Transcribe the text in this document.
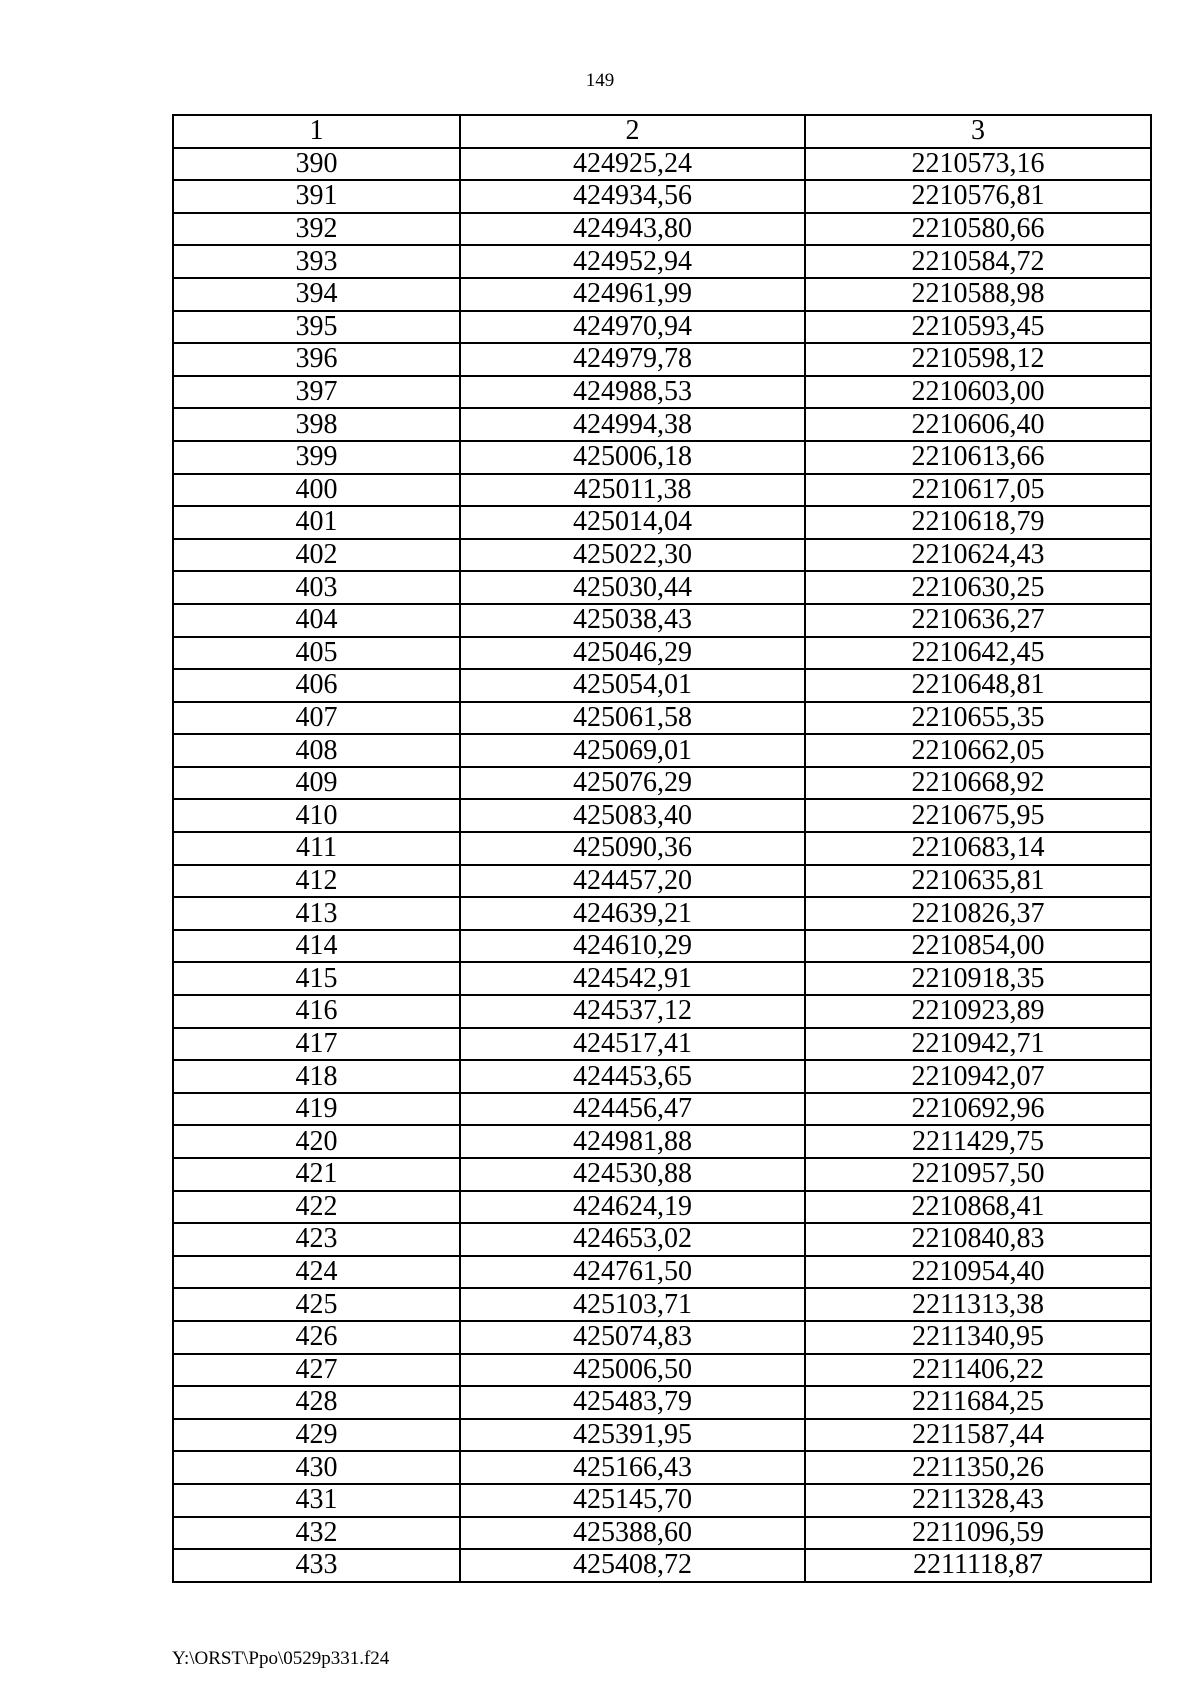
149
1	2	3
390	424925,24	2210573,16
391	424934,56	2210576,81
392	424943,80	2210580,66
393	424952,94	2210584,72
394	424961,99	2210588,98
395	424970,94	2210593,45
396	424979,78	2210598,12
397	424988,53	2210603,00
398	424994,38	2210606,40
399	425006,18	2210613,66
400	425011,38	2210617,05
401	425014,04	2210618,79
402	425022,30	2210624,43
403	425030,44	2210630,25
404	425038,43	2210636,27
405	425046,29	2210642,45
406	425054,01	2210648,81
407	425061,58	2210655,35
408	425069,01	2210662,05
409	425076,29	2210668,92
410	425083,40	2210675,95
411	425090,36	2210683,14
412	424457,20	2210635,81
413	424639,21	2210826,37
414	424610,29	2210854,00
415	424542,91	2210918,35
416	424537,12	2210923,89
417	424517,41	2210942,71
418	424453,65	2210942,07
419	424456,47	2210692,96
420	424981,88	2211429,75
421	424530,88	2210957,50
422	424624,19	2210868,41
423	424653,02	2210840,83
424	424761,50	2210954,40
425	425103,71	2211313,38
426	425074,83	2211340,95
427	425006,50	2211406,22
428	425483,79	2211684,25
429	425391,95	2211587,44
430	425166,43	2211350,26
431	425145,70	2211328,43
432	425388,60	2211096,59
433	425408,72	2211118,87
Y:\ORST\Ppo\0529p331.f24
